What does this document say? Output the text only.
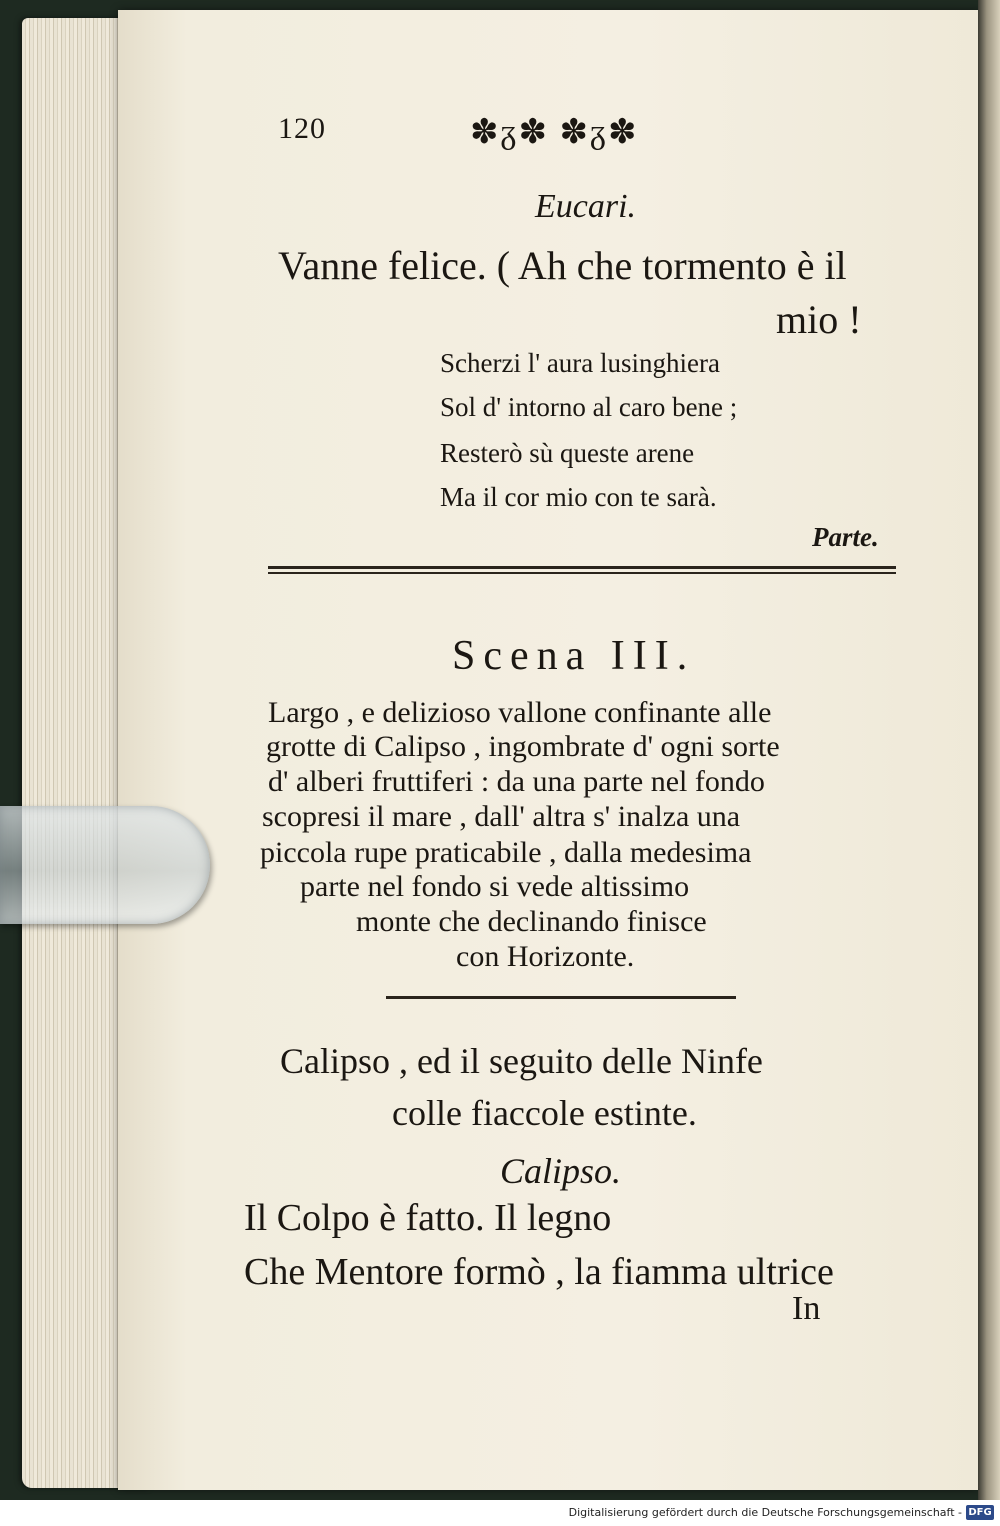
120	✽ᵹ✽ ✽ᵹ✽
Eucari.
Vanne felice. ( Ah che tormento è il
mio !
Scherzi l' aura lusinghiera
Sol d' intorno al caro bene ;
Resterò sù queste arene
Ma il cor mio con te sarà.
Parte.
Scena III.
Largo , e delizioso vallone confinante alle
grotte di Calipso , ingombrate d' ogni sorte
d' alberi fruttiferi : da una parte nel fondo
scopresi il mare , dall' altra s' inalza una
piccola rupe praticabile , dalla medesima
parte nel fondo si vede altissimo
monte che declinando finisce
con Horizonte.
Calipso , ed il seguito delle Ninfe
colle fiaccole estinte.
Calipso.
Il Colpo è fatto. Il legno
Che Mentore formò , la fiamma ultrice
In
Digitalisierung gefördert durch die Deutsche Forschungsgemeinschaft - DFG
